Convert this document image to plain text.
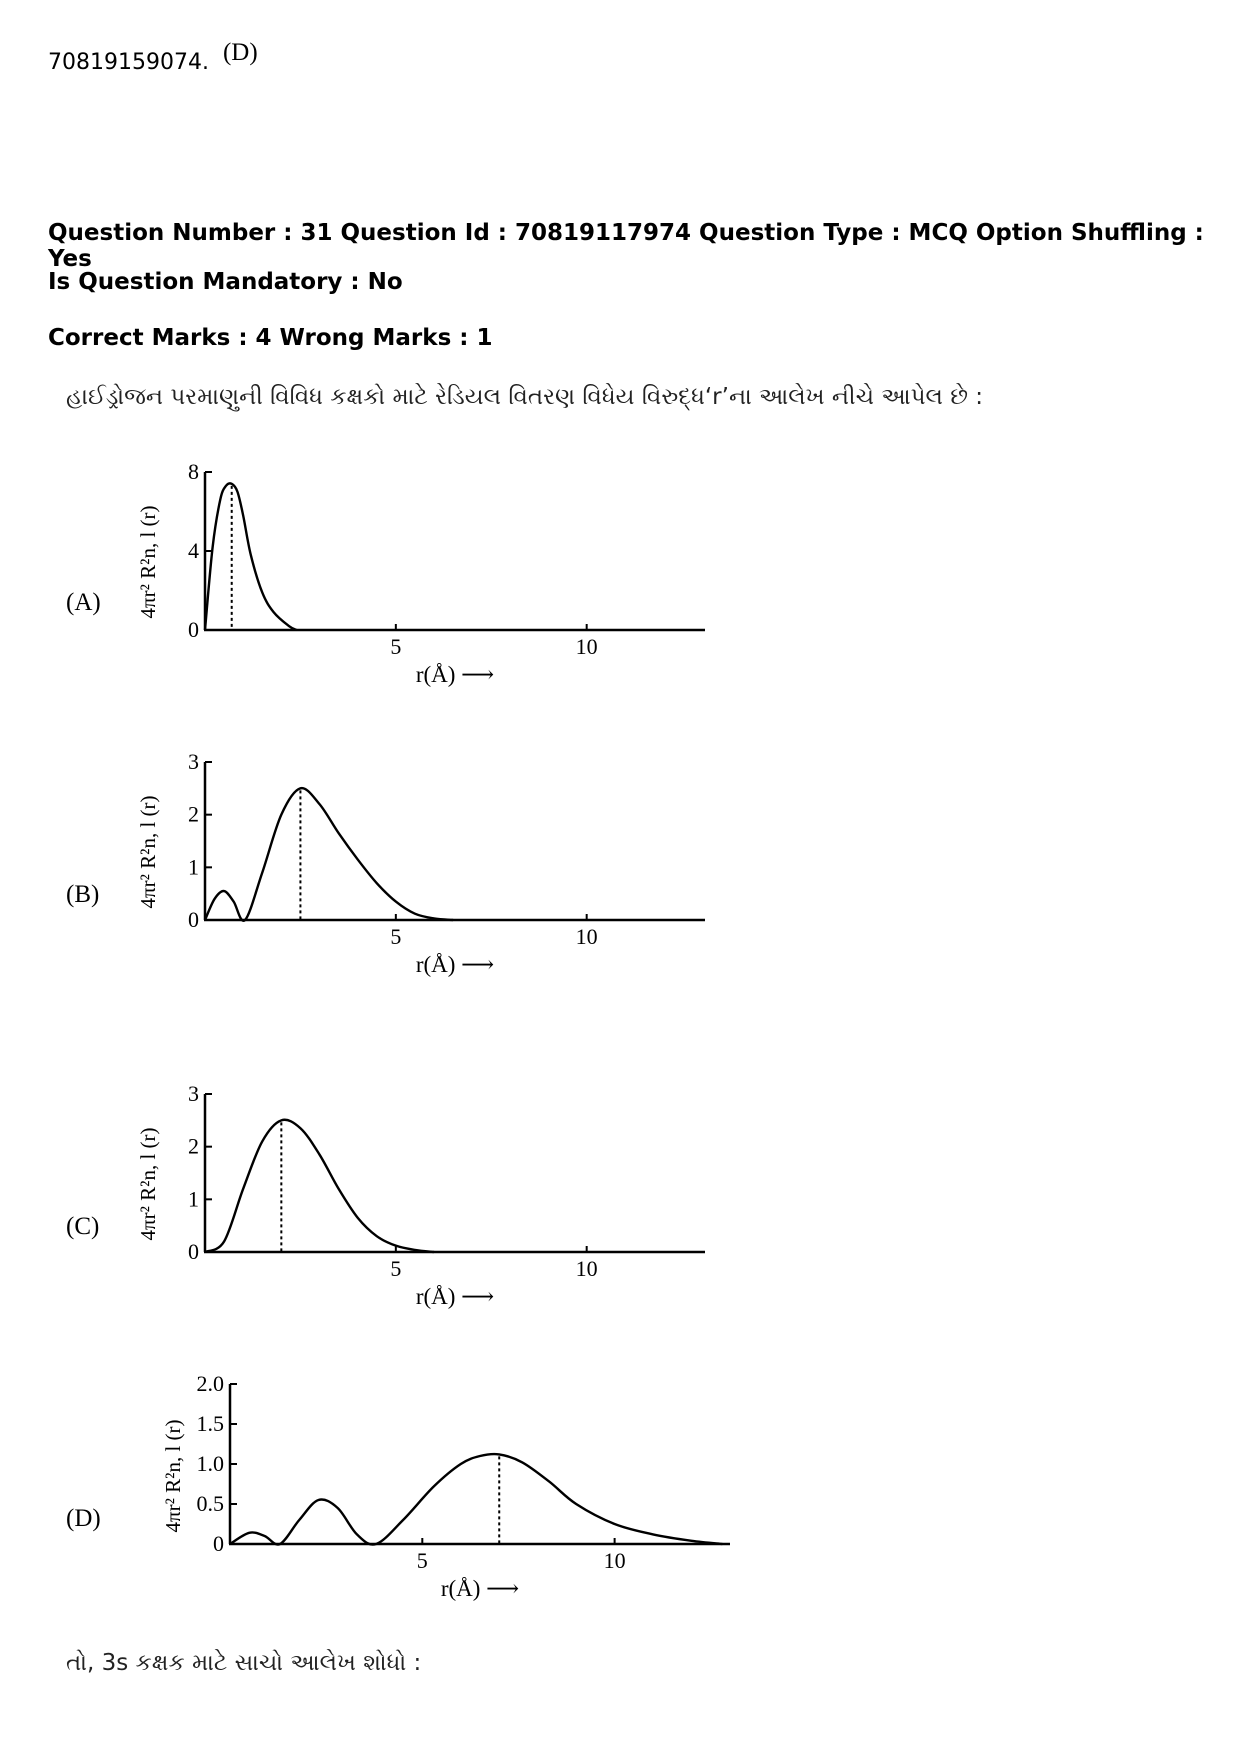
70819159074. (D)
Question Number : 31 Question Id : 70819117974 Question Type : MCQ Option Shuffling : Yes
Is Question Mandatory : No
Correct Marks : 4 Wrong Marks : 1
હાઈડ્રોજન પરમાણુની વિવિધ કક્ષકો માટે રેડિયલ વિતરણ વિધેય વિરુદ્ધ‘r’ના આલેખ નીચે આપેલ છે :
0
4
8
5	10
(A) 4πr² R²n, l (r)
r(Å) ⟶
0
1
2
3
5	10
(B) 4πr² R²n, l (r)
r(Å) ⟶
0
1
2
3
5	10
(C) 4πr² R²n, l (r)
r(Å) ⟶
0
0.5
1.0
1.5
2.0
5	10
(D)	4πr² R²n, l (r)
r(Å) ⟶
તો, 3s કક્ષક માટે સાચો આલેખ શોધો :
